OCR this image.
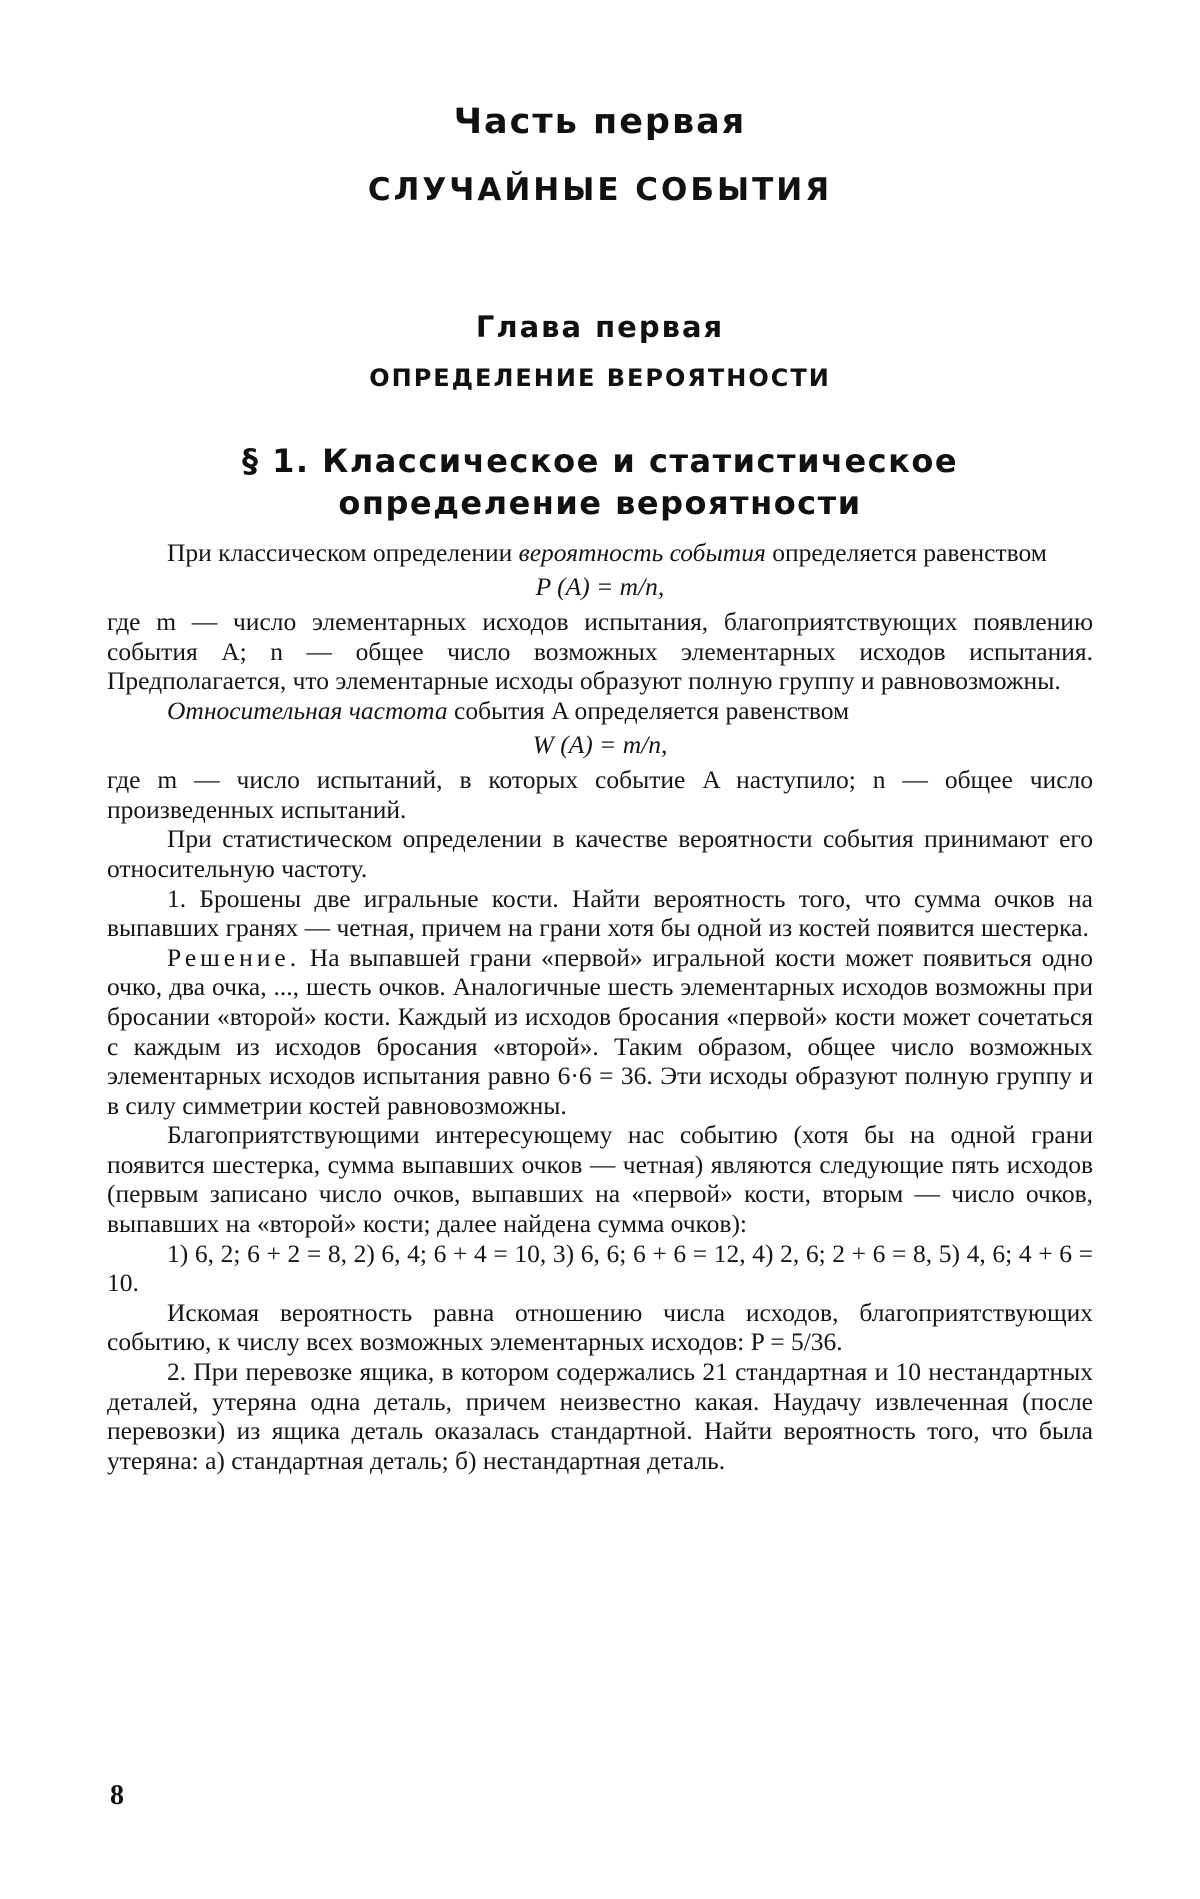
Часть первая
СЛУЧАЙНЫЕ СОБЫТИЯ
Глава первая
ОПРЕДЕЛЕНИЕ ВЕРОЯТНОСТИ
§ 1. Классическое и статистическое
определение вероятности

При классическом определении вероятность события определяется равенством

P (A) = m/n,

где m — число элементарных исходов испытания, благоприятствующих появлению события A; n — общее число возможных элементарных исходов испытания. Предполагается, что элементарные исходы образуют полную группу и равновозможны.

Относительная частота события A определяется равенством

W (A) = m/n,

где m — число испытаний, в которых событие A наступило; n — общее число произведенных испытаний.

При статистическом определении в качестве вероятности события принимают его относительную частоту.

1. Брошены две игральные кости. Найти вероятность того, что сумма очков на выпавших гранях — четная, причем на грани хотя бы одной из костей появится шестерка.

Решение. На выпавшей грани «первой» игральной кости может появиться одно очко, два очка, ..., шесть очков. Аналогичные шесть элементарных исходов возможны при бросании «второй» кости. Каждый из исходов бросания «первой» кости может сочетаться с каждым из исходов бросания «второй». Таким образом, общее число возможных элементарных исходов испытания равно 6·6 = 36. Эти исходы образуют полную группу и в силу симметрии костей равновозможны.

Благоприятствующими интересующему нас событию (хотя бы на одной грани появится шестерка, сумма выпавших очков — четная) являются следующие пять исходов (первым записано число очков, выпавших на «первой» кости, вторым — число очков, выпавших на «второй» кости; далее найдена сумма очков):

1) 6, 2; 6 + 2 = 8, 2) 6, 4; 6 + 4 = 10, 3) 6, 6; 6 + 6 = 12, 4) 2, 6; 2 + 6 = 8, 5) 4, 6; 4 + 6 = 10.

Искомая вероятность равна отношению числа исходов, благоприятствующих событию, к числу всех возможных элементарных исходов: P = 5/36.

2. При перевозке ящика, в котором содержались 21 стандартная и 10 нестандартных деталей, утеряна одна деталь, причем неизвестно какая. Наудачу извлеченная (после перевозки) из ящика деталь оказалась стандартной. Найти вероятность того, что была утеряна: а) стандартная деталь; б) нестандартная деталь.

8
